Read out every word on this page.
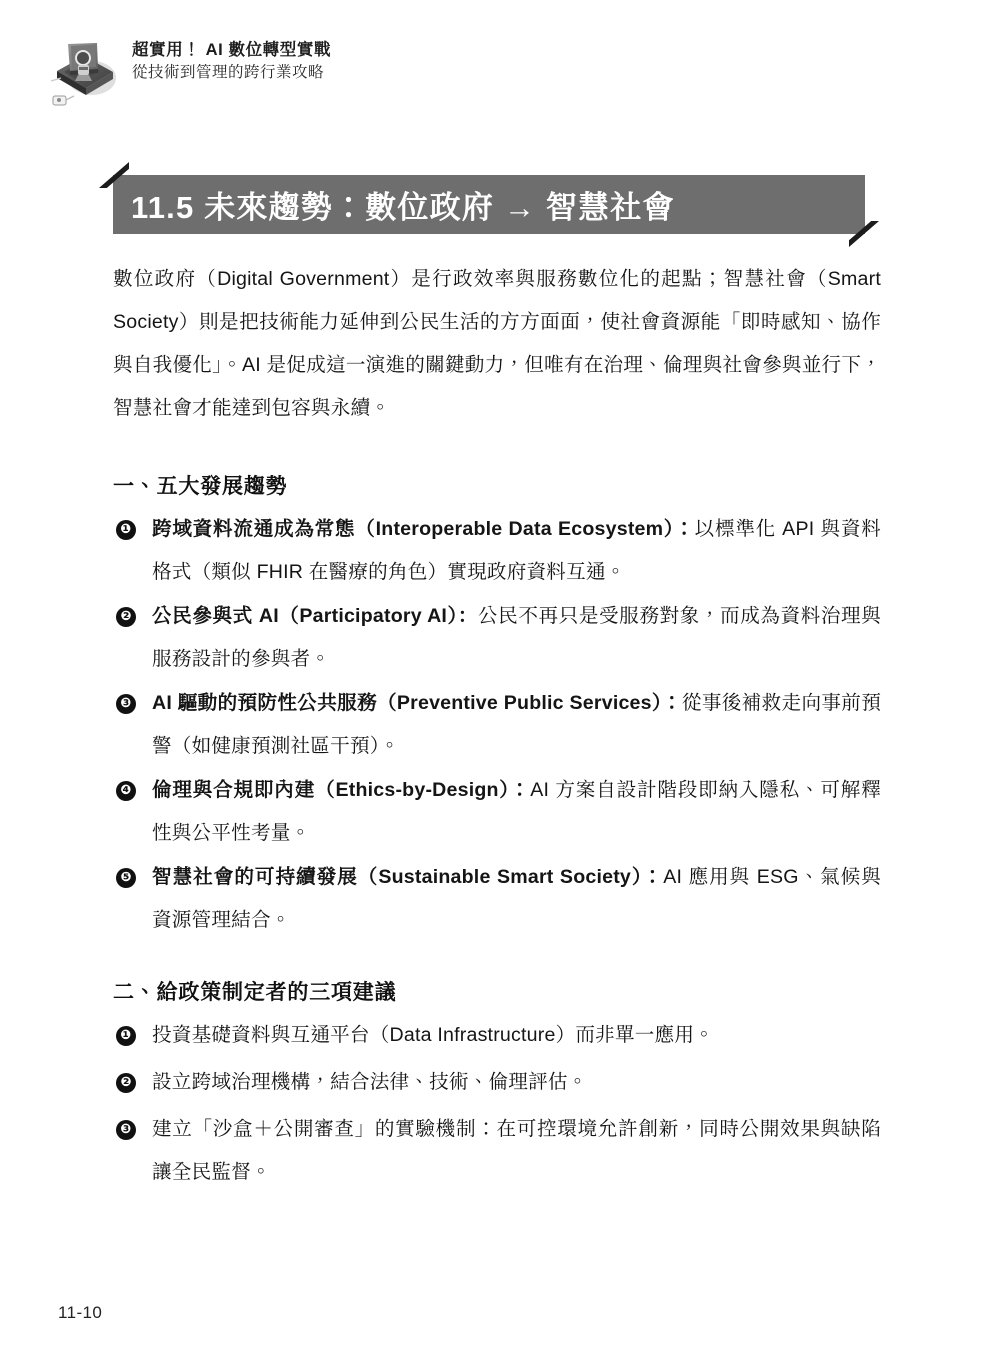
超實用！ AI 數位轉型實戰
從技術到管理的跨行業攻略
11.5 未來趨勢：數位政府 → 智慧社會

數位政府（Digital Government）是行政效率與服務數位化的起點；智慧社會（Smart Society）則是把技術能力延伸到公民生活的方方面面，使社會資源能「即時感知、協作與自我優化」。AI 是促成這一演進的關鍵動力，但唯有在治理、倫理與社會參與並行下，智慧社會才能達到包容與永續。

一、五大發展趨勢
❶ 跨域資料流通成為常態（Interoperable Data Ecosystem）：以標準化 API 與資料格式（類似 FHIR 在醫療的角色）實現政府資料互通。
❷ 公民參與式 AI（Participatory AI）：公民不再只是受服務對象，而成為資料治理與服務設計的參與者。
❸ AI 驅動的預防性公共服務（Preventive Public Services）：從事後補救走向事前預警（如健康預測社區干預）。
❹ 倫理與合規即內建（Ethics-by-Design）：AI 方案自設計階段即納入隱私、可解釋性與公平性考量。
❺ 智慧社會的可持續發展（Sustainable Smart Society）：AI 應用與 ESG、氣候與資源管理結合。
二、給政策制定者的三項建議
❶ 投資基礎資料與互通平台（Data Infrastructure）而非單一應用。
❷ 設立跨域治理機構，結合法律、技術、倫理評估。
❸ 建立「沙盒＋公開審查」的實驗機制：在可控環境允許創新，同時公開效果與缺陷讓全民監督。
11-10
